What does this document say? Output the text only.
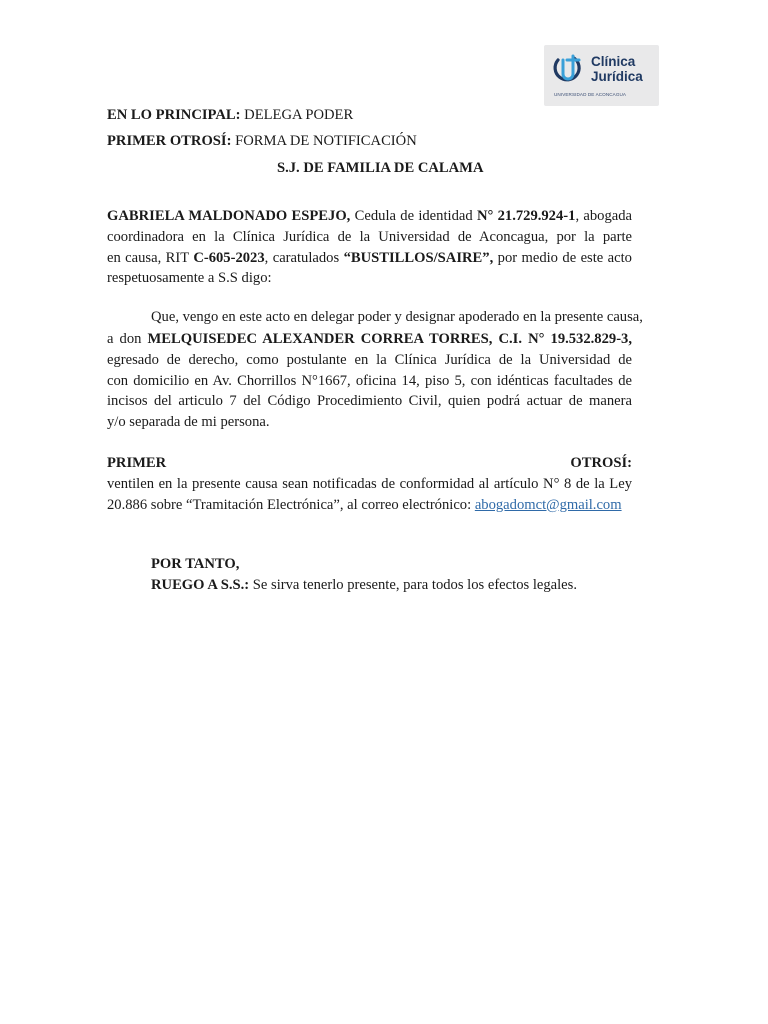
Clínica
Jurídica
UNIVERSIDAD DE ACONCAGUA
EN LO PRINCIPAL: DELEGA PODER
PRIMER OTROSÍ: FORMA DE NOTIFICACIÓN
S.J. DE FAMILIA DE CALAMA
GABRIELA MALDONADO ESPEJO, Cedula de identidad N° 21.729.924-1, abogada
coordinadora en la Clínica Jurídica de la Universidad de Aconcagua, por la parte
en causa, RIT C-605-2023, caratulados “BUSTILLOS/SAIRE”, por medio de este acto
respetuosamente a S.S digo:
Que, vengo en este acto en delegar poder y designar apoderado en la presente causa,
a don MELQUISEDEC ALEXANDER CORREA TORRES, C.I. N° 19.532.829-3,
egresado de derecho, como postulante en la Clínica Jurídica de la Universidad de
con domicilio en Av. Chorrillos N°1667, oficina 14, piso 5, con idénticas facultades de
incisos del articulo 7 del Código Procedimiento Civil, quien podrá actuar de manera
y/o separada de mi persona.
PRIMER OTROSÍ:
ventilen en la presente causa sean notificadas de conformidad al artículo N° 8 de la Ley
20.886 sobre “Tramitación Electrónica”, al correo electrónico: abogadomct@gmail.com
POR TANTO,
RUEGO A S.S.: Se sirva tenerlo presente, para todos los efectos legales.
